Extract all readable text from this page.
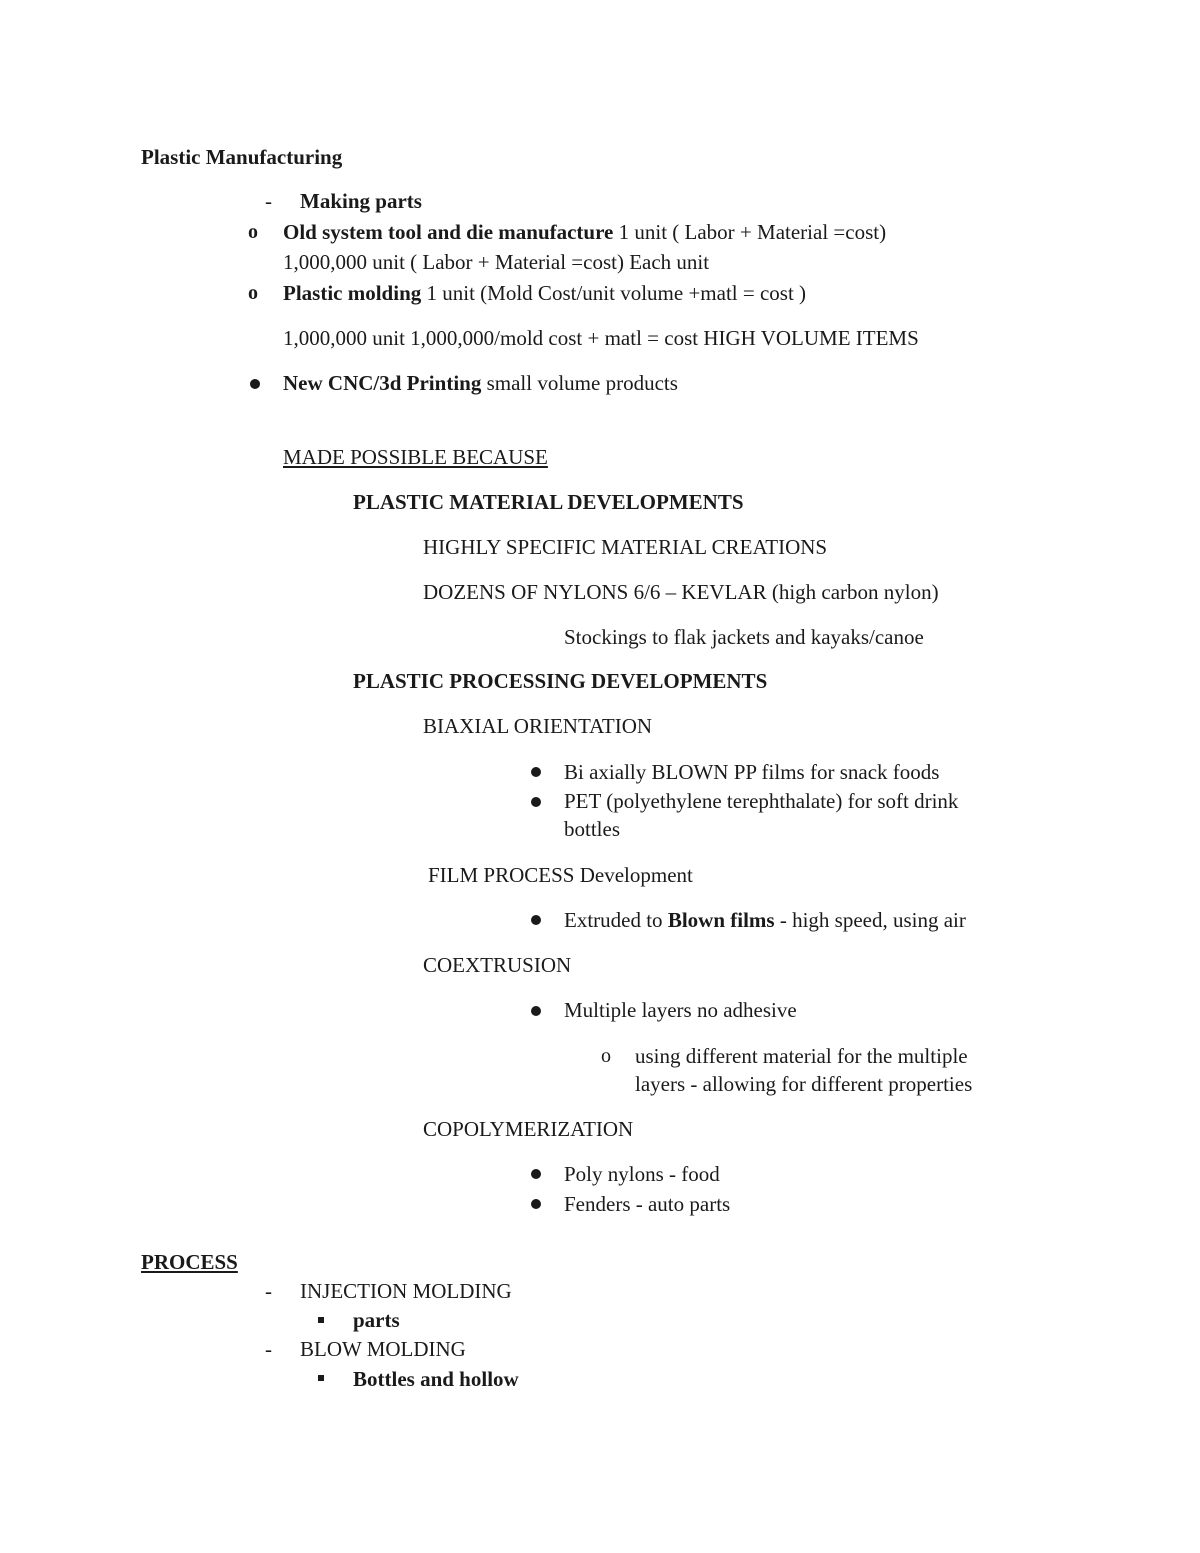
Plastic Manufacturing
- Making parts
o Old system tool and die manufacture 1 unit ( Labor + Material =cost)
1,000,000 unit ( Labor + Material =cost) Each unit
o Plastic molding 1 unit (Mold Cost/unit volume +matl = cost )
1,000,000 unit 1,000,000/mold cost + matl = cost HIGH VOLUME ITEMS
New CNC/3d Printing small volume products
MADE POSSIBLE BECAUSE
PLASTIC MATERIAL DEVELOPMENTS
HIGHLY SPECIFIC MATERIAL CREATIONS
DOZENS OF NYLONS 6/6 – KEVLAR (high carbon nylon)
Stockings to flak jackets and kayaks/canoe
PLASTIC PROCESSING DEVELOPMENTS
BIAXIAL ORIENTATION
Bi axially BLOWN PP films for snack foods
PET (polyethylene terephthalate) for soft drink
bottles
FILM PROCESS Development
Extruded to Blown films - high speed, using air
COEXTRUSION
Multiple layers no adhesive
o using different material for the multiple
layers - allowing for different properties
COPOLYMERIZATION
Poly nylons - food
Fenders - auto parts
PROCESS
- INJECTION MOLDING
parts
- BLOW MOLDING
Bottles and hollow
